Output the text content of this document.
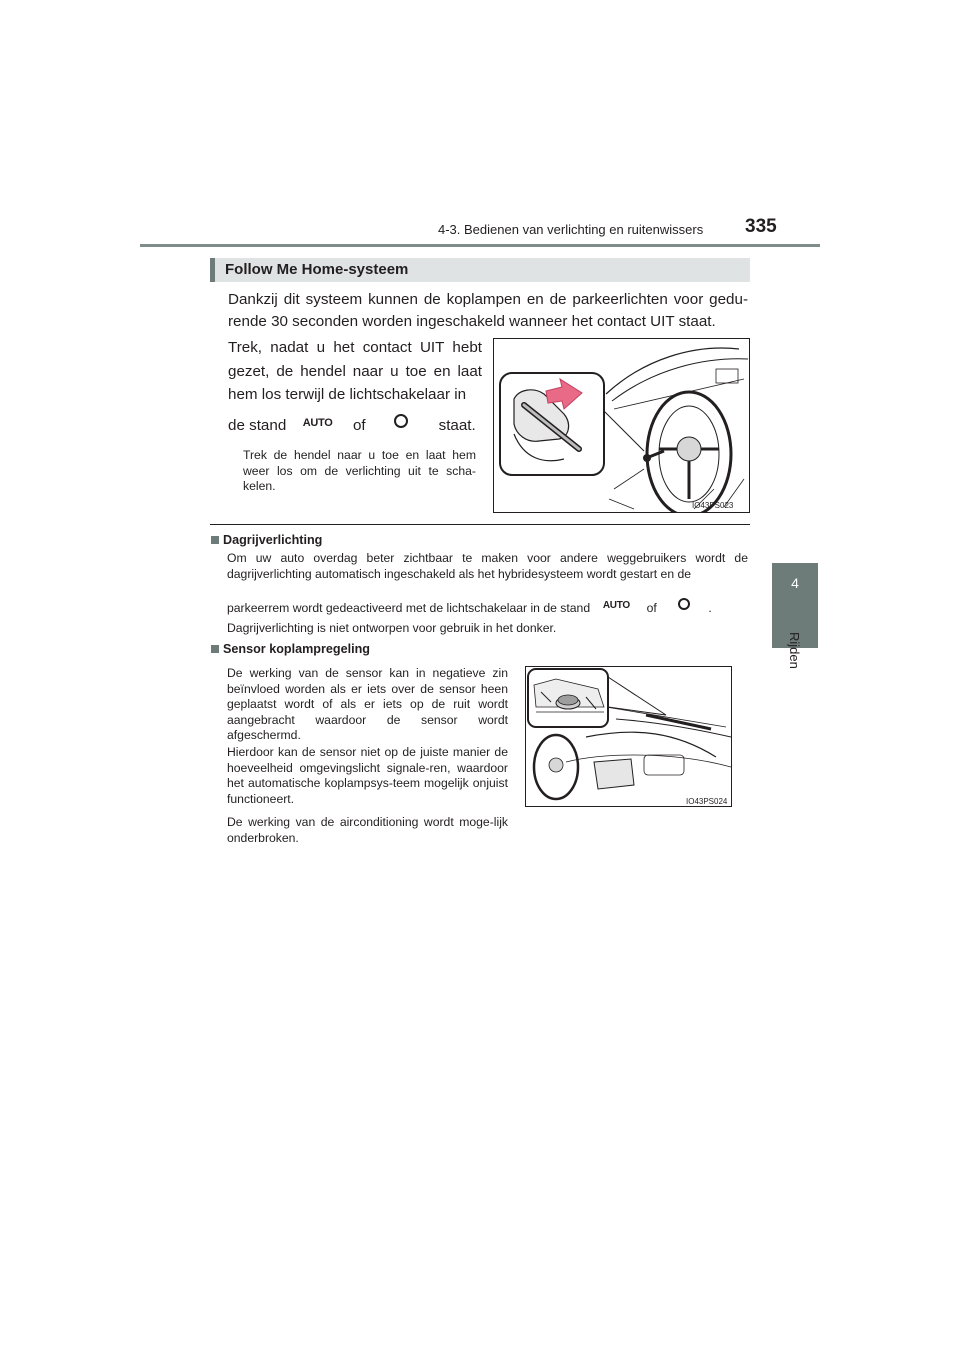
4-3. Bedienen van verlichting en ruitenwissers 335
4
Rijden
Follow Me Home-systeem
Dankzij dit systeem kunnen de koplampen en de parkeerlichten voor gedu-rende 30 seconden worden ingeschakeld wanneer het contact UIT staat.
Trek, nadat u het contact UIT hebt gezet, de hendel naar u toe en laat hem los terwijl de lichtschakelaar in
de stand AUTO of	staat.
Trek de hendel naar u toe en laat hem weer los om de verlichting uit te scha-kelen.
IO43PS023
Dagrijverlichting
Om uw auto overdag beter zichtbaar te maken voor andere weggebruikers wordt de dagrijverlichting automatisch ingeschakeld als het hybridesysteem wordt gestart en de
parkeerrem wordt gedeactiveerd met de lichtschakelaar in de stand AUTO of	.
Dagrijverlichting is niet ontworpen voor gebruik in het donker.
Sensor koplampregeling
De werking van de sensor kan in negatieve zin beïnvloed worden als er iets over de sensor heen geplaatst wordt of als er iets op de ruit wordt aangebracht waardoor de sensor wordt afgeschermd.
Hierdoor kan de sensor niet op de juiste manier de hoeveelheid omgevingslicht signale-ren, waardoor het automatische koplampsys-teem mogelijk onjuist functioneert.
De werking van de airconditioning wordt moge-lijk onderbroken.
IO43PS024
